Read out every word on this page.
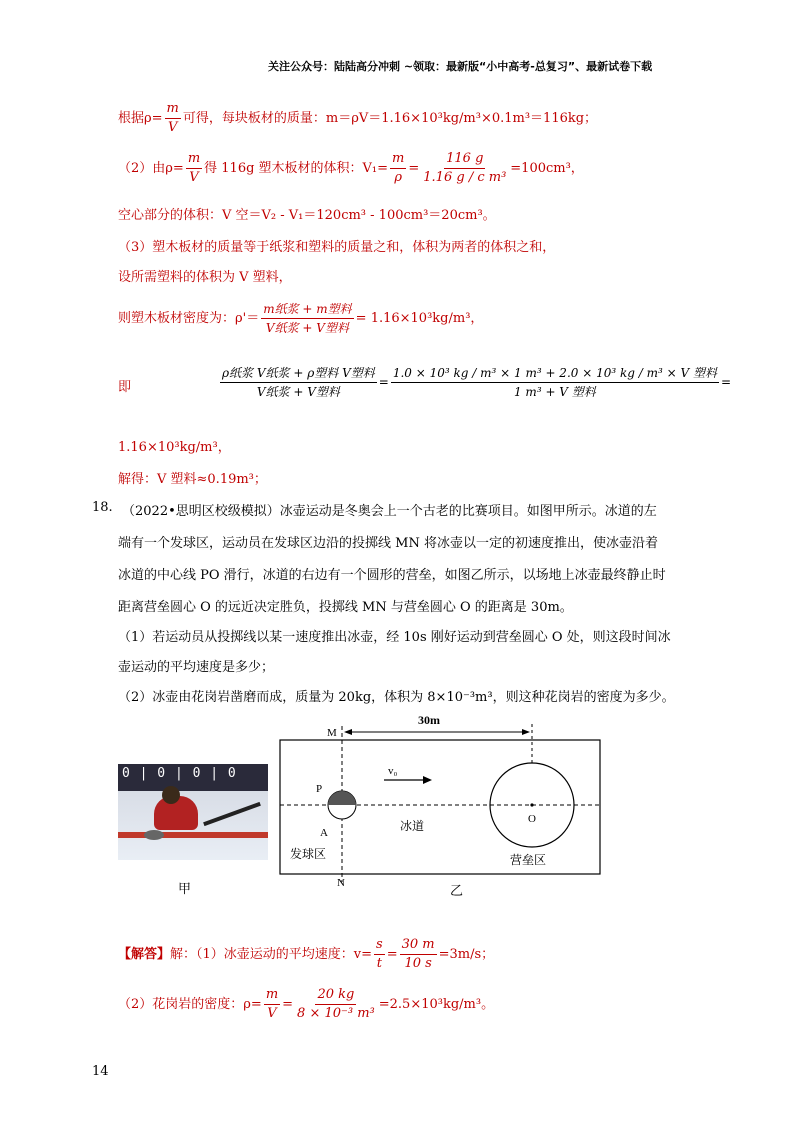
关注公众号：陆陆高分冲刺 ~领取：最新版“小中高考-总复习”、最新试卷下载
根据$\rho= \frac{m}{V}$ 可得，每块板材的质量：m＝ρV＝1.16×10³kg/m³×0.1m³＝116kg；
（2）由$\rho= \frac{m}{V}$ 得 116g 塑木板材的体积：$V_1= \frac{m}{\rho} = \frac{116 g}{\text{1.16 g / c m³}} =100cm^3$，
空心部分的体积：V 空＝V₂ - V₁＝120cm³ - 100cm³＝20cm³。
（3）塑木板材的质量等于纸浆和塑料的质量之和，体积为两者的体积之和，
设所需塑料的体积为 V 塑料，
则塑木板材密度为：$\rho'= \frac{\text{m纸浆 + m塑料}}{\text{V纸浆 + V塑料}} = 1.16\times 10^3kg/m^3$，
即	$\frac{\text{ρ纸浆 V纸浆 + ρ塑料 V塑料}}{\text{V纸浆 + V塑料}} = \frac{\text{1.0 × 10³ kg / m³ × 1 m³ + 2.0 × 10³ kg / m³ × V 塑料}}{\text{1 m³ + V 塑料}}$ =
1.16×10³kg/m³，
解得：V 塑料≈0.19m³；
18. （2022•思明区校级模拟）冰壶运动是冬奥会上一个古老的比赛项目。如图甲所示。冰道的左
端有一个发球区，运动员在发球区边沿的投掷线 MN 将冰壶以一定的初速度推出，使冰壶沿着
冰道的中心线 PO 滑行，冰道的右边有一个圆形的营垒，如图乙所示，以场地上冰壶最终静止时
距离营垒圆心 O 的远近决定胜负，投掷线 MN 与营垒圆心 O 的距离是 30m。
（1）若运动员从投掷线以某一速度推出冰壶，经 10s 刚好运动到营垒圆心 O 处，则这段时间冰
壶运动的平均速度是多少；
（2）冰壶由花岗岩凿磨而成，质量为 20kg，体积为 8×10⁻³m³，则这种花岗岩的密度为多少。
0 | 0 | 0 | 0
甲
M
N
P
A
O
v₀
30m
冰道
发球区	营垒区
乙
【解答】解：（1）冰壶运动的平均速度：$v= \frac{s}{t} = \frac{30 m}{10 s} =3m/s$；
（2）花岗岩的密度：$\rho= \frac{m}{V} = \frac{20 kg}{\text{8 × 10⁻³ m³}} =2.5\times 10^3kg/m^3$。
14
